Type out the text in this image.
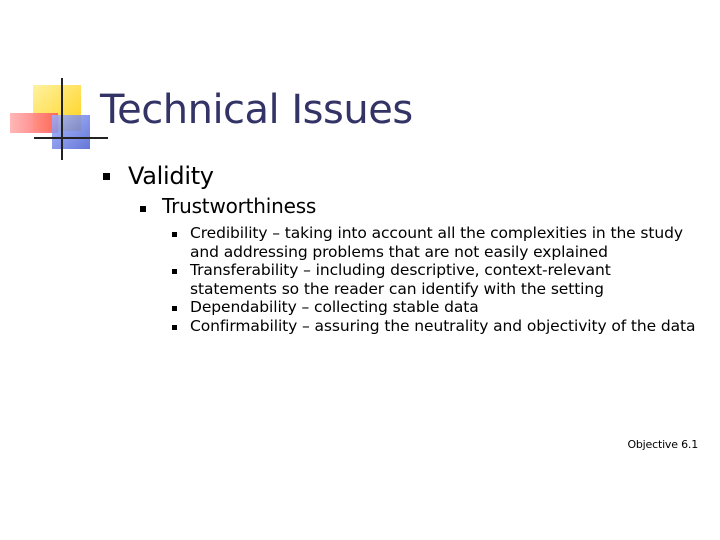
Technical Issues
Validity
Trustworthiness
Credibility – taking into account all the complexities in the study and addressing problems that are not easily explained
Transferability – including descriptive, context-relevant statements so the reader can identify with the setting
Dependability – collecting stable data
Confirmability – assuring the neutrality and objectivity of the data
Objective 6.1
